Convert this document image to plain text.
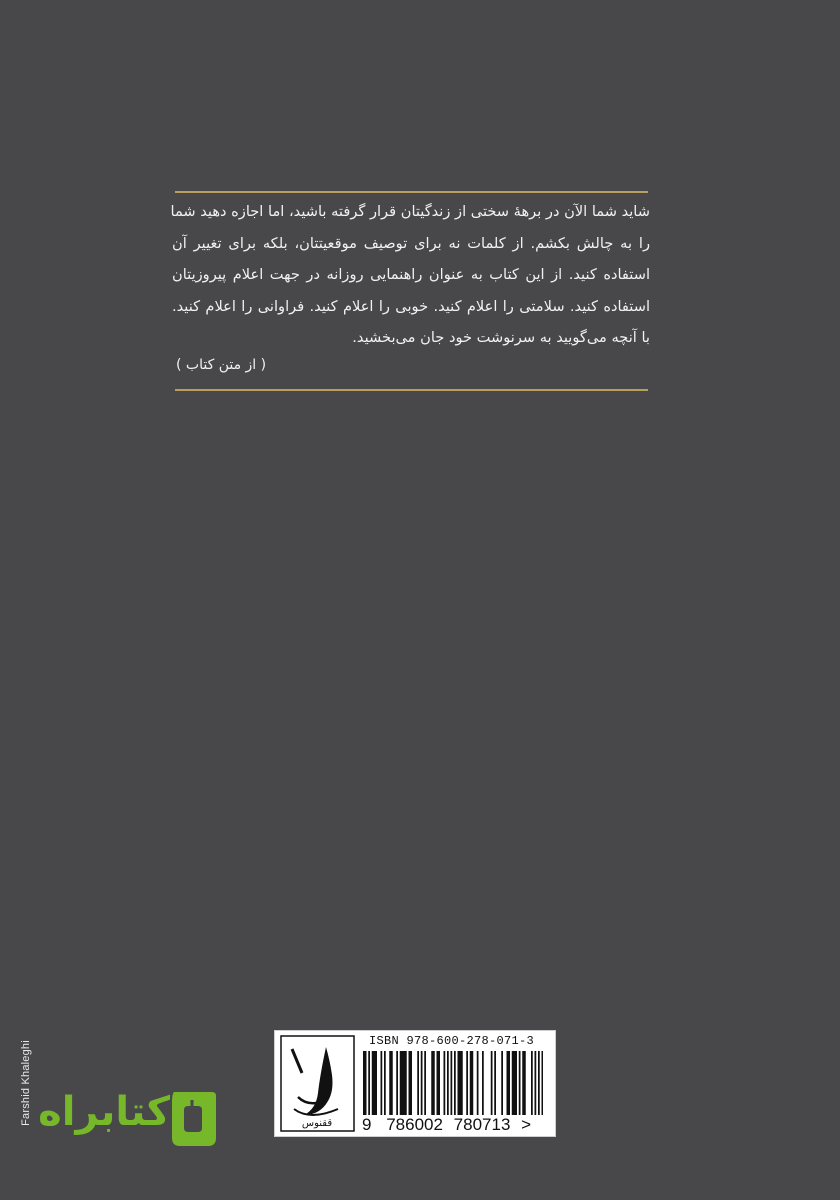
شاید شما الآن در برهۀ سختی از زندگیتان قرار گرفته باشید، اما اجازه دهید شما
را به چالش بکشم. از کلمات نه برای توصیف موقعیتتان، بلکه برای تغییر آن
استفاده کنید. از این کتاب به عنوان راهنمایی روزانه در جهت اعلام پیروزیتان
استفاده کنید. سلامتی را اعلام کنید. خوبی را اعلام کنید. فراوانی را اعلام کنید.
با آنچه می‌گویید به سرنوشت خود جان می‌بخشید.
( از متن کتاب )
Farshid Khaleghi کتابراه	ققنوس
ISBN 978-600-278-071-3
9 786002 780713 >
